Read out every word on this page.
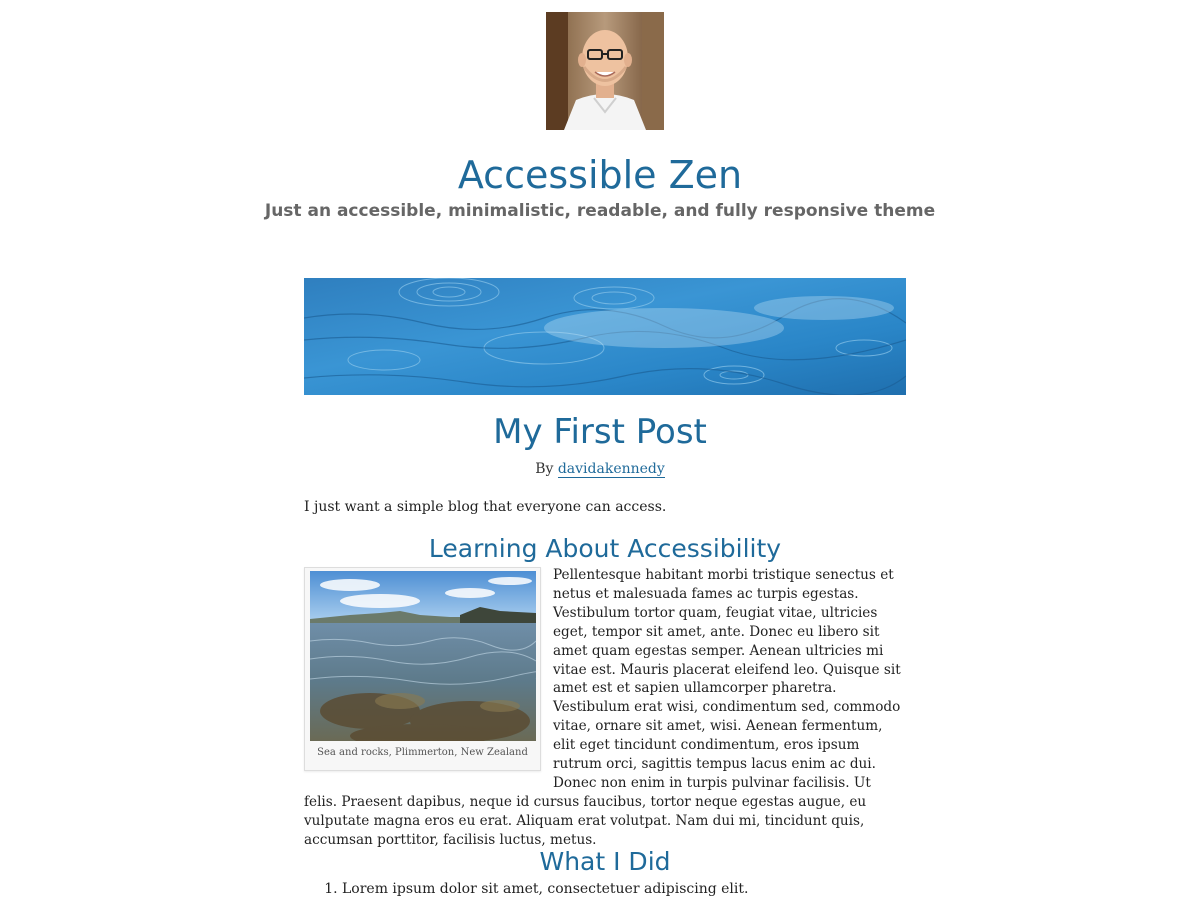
Accessible Zen

Just an accessible, minimalistic, readable, and fully responsive theme

My First Post
By davidakennedy

I just want a simple blog that everyone can access.

Learning About Accessibility

Pellentesque habitant morbi tristique senectus et netus et malesuada fames ac turpis egestas. Vestibulum tortor quam, feugiat vitae, ultricies eget, tempor sit amet, ante. Donec eu libero sit amet quam egestas semper. Aenean ultricies mi vitae est. Mauris placerat eleifend leo. Quisque sit amet est et sapien ullamcorper pharetra. Vestibulum erat wisi, condimentum sed, commodo vitae, ornare sit amet, wisi. Aenean fermentum, elit eget tincidunt condimentum, eros ipsum rutrum orci, sagittis tempus lacus enim ac dui. Donec non enim in turpis pulvinar facilisis. Ut felis. Praesent dapibus, neque id cursus faucibus, tortor neque egestas augue, eu vulputate magna eros eu erat. Aliquam erat volutpat. Nam dui mi, tincidunt quis, accumsan porttitor, facilisis luctus, metus.

Sea and rocks, Plimmerton, New Zealand
What I Did
1. Lorem ipsum dolor sit amet, consectetuer adipiscing elit.
